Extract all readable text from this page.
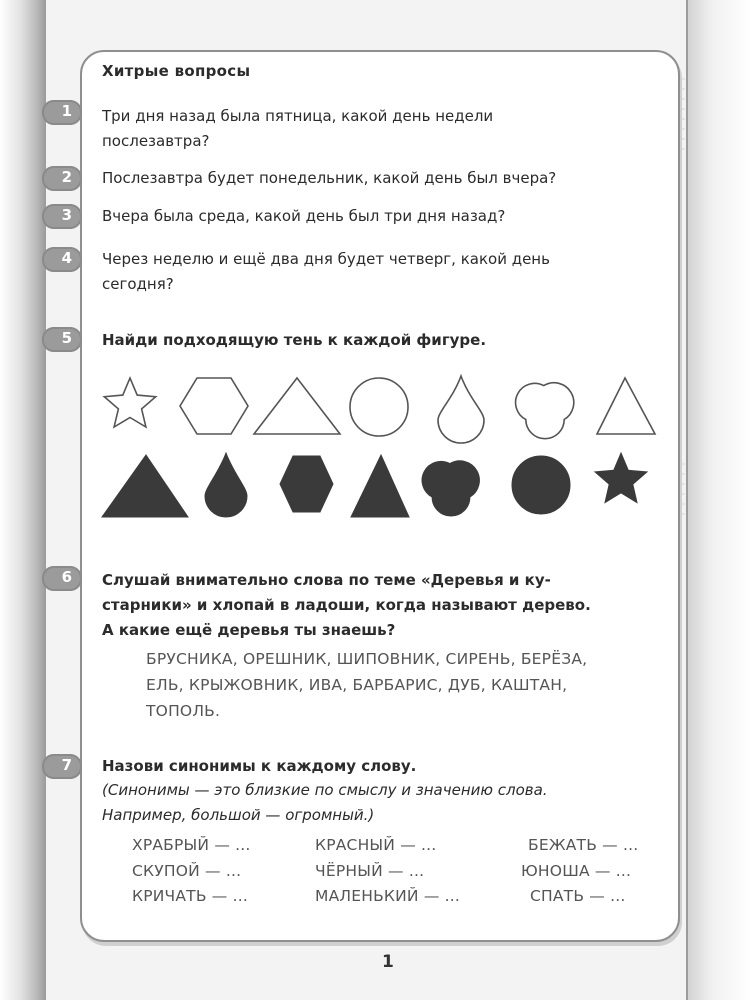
Хитрые вопросы
1 Три дня назад была пятница, какой день недели
послезавтра?
2 Послезавтра будет понедельник, какой день был вчера?
3 Вчера была среда, какой день был три дня назад?
4 Через неделю и ещё два дня будет четверг, какой день
сегодня?
5 Найди подходящую тень к каждой фигуре.
6 Слушай внимательно слова по теме «Деревья и ку-
старники» и хлопай в ладоши, когда называют дерево.
А какие ещё деревья ты знаешь?
БРУСНИКА, ОРЕШНИК, ШИПОВНИК, СИРЕНЬ, БЕРЁЗА,
ЕЛЬ, КРЫЖОВНИК, ИВА, БАРБАРИС, ДУБ, КАШТАН,
ТОПОЛЬ.
7 Назови синонимы к каждому слову.
(Синонимы — это близкие по смыслу и значению слова.
Например, большой — огромный.)
ХРАБРЫЙ — ...
СКУПОЙ — ...
КРИЧАТЬ — ...
КРАСНЫЙ — ...
ЧЁРНЫЙ — ...
МАЛЕНЬКИЙ — ...
БЕЖАТЬ — ...
ЮНОША — ...
СПАТЬ — ...
1
